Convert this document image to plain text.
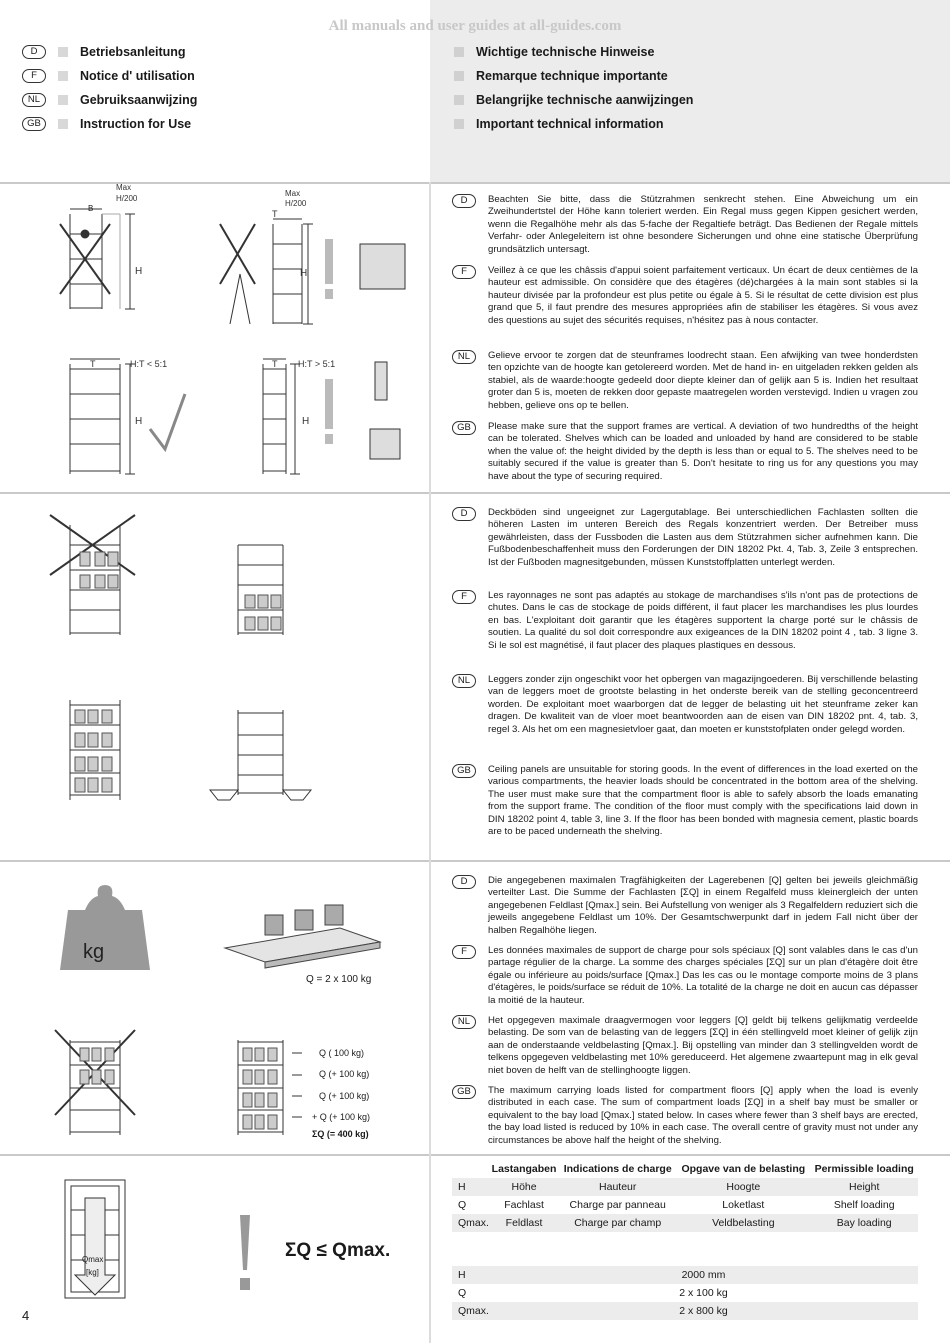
All manuals and user guides at all-guides.com
D	Betriebsanleitung
F	Notice d' utilisation
NL	Gebruiksaanwijzing
GB	Instruction for Use
Wichtige technische Hinweise
Remarque technique importante
Belangrijke technische aanwijzingen
Important technical information
Max
H/200
H
Max
H/200
T
H
T	H:T < 5:1
H
T H:T > 5:1
H
B
D	Beachten Sie bitte, dass die Stützrahmen senkrecht stehen. Eine Abweichung um ein Zweihundertstel der Höhe kann toleriert werden. Ein Regal muss gegen Kippen gesichert werden, wenn die Regalhöhe mehr als das 5-fache der Regaltiefe beträgt. Das Bedienen der Regale mittels Verfahr- oder Anlegeleitern ist ohne besondere Sicherungen und ohne eine statische Überprüfung grundsätzlich untersagt.
F	Veillez à ce que les châssis d'appui soient parfaitement verticaux. Un écart de deux centièmes de la hauteur est admissible. On considère que des étagères (dé)chargées à la main sont stables si la hauteur divisée par la profondeur est plus petite ou égale à 5. Si le résultat de cette division est plus grand que 5, il faut prendre des mesures appropriées afin de stabiliser les étagères. Si vous avez des questions au sujet des sécurités requises, n'hésitez pas à nous contacter.
NL	Gelieve ervoor te zorgen dat de steunframes loodrecht staan. Een afwijking van twee honderdsten ten opzichte van de hoogte kan getolereerd worden. Met de hand in- en uitgeladen rekken gelden als stabiel, als de waarde:hoogte gedeeld door diepte kleiner dan of gelijk aan 5 is. Indien het resultaat groter dan 5 is, moeten de rekken door gepaste maatregelen worden verstevigd. Indien u vragen zou hebben, gelieve ons op te bellen.
GB	Please make sure that the support frames are vertical. A deviation of two hundredths of the height can be tolerated. Shelves which can be loaded and unloaded by hand are considered to be stable when the value of: the height divided by the depth is less than or equal to 5. The shelves need to be suitably secured if the value is greater than 5. Don't hesitate to ring us for any questions you may have about the type of securing required.
D	Deckböden sind ungeeignet zur Lagergutablage. Bei unterschiedlichen Fachlasten sollten die höheren Lasten im unteren Bereich des Regals konzentriert werden. Der Betreiber muss gewährleisten, dass der Fussboden die Lasten aus dem Stützrahmen sicher aufnehmen kann. Die Fußbodenbeschaffenheit muss den Forderungen der DIN 18202 Pkt. 4, Tab. 3, Zeile 3 entsprechen. Ist der Fußboden magnesitgebunden, müssen Kunststoffplatten unterlegt werden.
F	Les rayonnages ne sont pas adaptés au stokage de marchandises s'ils n'ont pas de protections de chutes. Dans le cas de stockage de poids différent, il faut placer les marchandises les plus lourdes en bas. L'exploitant doit garantir que les étagères supportent la charge porté sur le châssis de soutien. La qualité du sol doit correspondre aux exigeances de la DIN 18202 point 4 , tab. 3 ligne 3. Si le sol est magnétisé, il faut placer des plaques plastiques en dessous.
NL	Leggers zonder zijn ongeschikt voor het opbergen van magazijngoederen. Bij verschillende belasting van de leggers moet de grootste belasting in het onderste bereik van de stelling geconcentreerd worden. De exploitant moet waarborgen dat de legger de belasting uit het steunframe zeker kan dragen. De kwaliteit van de vloer moet beantwoorden aan de eisen van DIN 18202 pnt. 4, tab. 3, regel 3. Als het om een magnesietvloer gaat, dan moeten er kunststofplaten onder gelegd worden.
GB	Ceiling panels are unsuitable for storing goods. In the event of differences in the load exerted on the various compartments, the heavier loads should be concentrated in the bottom area of the shelving. The user must make sure that the compartment floor is able to safely absorb the loads emanating from the support frame. The condition of the floor must comply with the specifications laid down in DIN 18202 point 4, table 3, line 3. If the floor has been bonded with magnesia cement, plastic boards are to be paced underneath the shelving.
kg
Q = 2 x 100 kg
Q ( 100 kg)
Q (+ 100 kg)
Q (+ 100 kg)
+ Q (+ 100 kg)
ΣQ (= 400 kg)
D	Die angegebenen maximalen Tragfähigkeiten der Lagerebenen [Q] gelten bei jeweils gleichmäßig verteilter Last. Die Summe der Fachlasten [ΣQ] in einem Regalfeld muss kleinergleich der unten angegebenen Feldlast [Qmax.] sein. Bei Aufstellung von weniger als 3 Regalfeldern reduziert sich die jeweils angegebene Feldlast um 10%. Der Gesamtschwerpunkt darf in jedem Fall nicht über der halben Regalhöhe liegen.
F	Les données maximales de support de charge pour sols spéciaux [Q] sont valables dans le cas d'un partage régulier de la charge. La somme des charges spéciales [ΣQ] sur un plan d'étagère doit être égale ou inférieure au poids/surface [Qmax.] Das les cas ou le montage comporte moins de 3 plans d'étagères, le poids/surface se réduit de 10%. La totalité de la charge ne doit en aucun cas dépasser la moitié de la hauteur.
NL	Het opgegeven maximale draagvermogen voor leggers [Q] geldt bij telkens gelijkmatig verdeelde belasting. De som van de belasting van de leggers [ΣQ] in één stellingveld moet kleiner of gelijk zijn aan de onderstaande veldbelasting [Qmax.]. Bij opstelling van minder dan 3 stellingvelden wordt de telkens opgegeven veldbelasting met 10% gereduceerd. Het algemene zwaartepunt mag in elk geval niet boven de helft van de stellinghoogte liggen.
GB	The maximum carrying loads listed for compartment floors [Q] apply when the load is evenly distributed in each case. The sum of compartment loads [ΣQ] in a shelf bay must be smaller or equivalent to the bay load [Qmax.] stated below. In cases where fewer than 3 shelf bays are erected, the bay load listed is reduced by 10% in each case. The overall centre of gravity must not under any circumstances be above half the height of the shelving.
Qmax
[kg]
ΣQ ≤ Qmax.
	Lastangaben	Indications de charge	Opgave van de belasting	Permissible loading
H	Höhe	Hauteur	Hoogte	Height
Q	Fachlast	Charge par panneau	Loketlast	Shelf loading
Qmax.	Feldlast	Charge par champ	Veldbelasting	Bay loading
H	2000 mm
Q	2 x 100 kg
Qmax.	2 x 800 kg
4
